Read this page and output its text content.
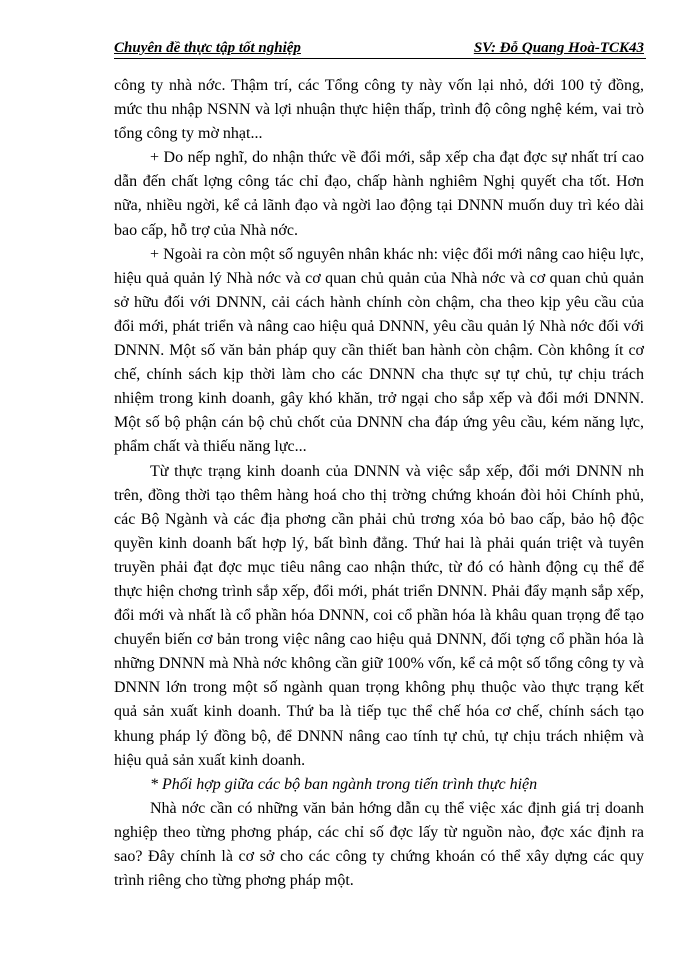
Chuyên đề thực tập tốt nghiệp	SV: Đỗ Quang Hoà-TCK43

công ty nhà nớc. Thậm trí, các Tổng công ty này vốn lại nhỏ, dới 100 tỷ đồng, mức thu nhập NSNN và lợi nhuận thực hiện thấp, trình độ công nghệ kém, vai trò tổng công ty mờ nhạt...

+ Do nếp nghĩ, do nhận thức về đổi mới, sắp xếp cha đạt đợc sự nhất trí cao dẫn đến chất lợng công tác chỉ đạo, chấp hành nghiêm Nghị quyết cha tốt. Hơn nữa, nhiều ngời, kể cả lãnh đạo và ngời lao động tại DNNN muốn duy trì kéo dài bao cấp, hỗ trợ của Nhà nớc.

+ Ngoài ra còn một số nguyên nhân khác nh: việc đổi mới nâng cao hiệu lực, hiệu quả quản lý Nhà nớc và cơ quan chủ quản của Nhà nớc và cơ quan chủ quản sở hữu đối với DNNN, cải cách hành chính còn chậm, cha theo kịp yêu cầu của đổi mới, phát triển và nâng cao hiệu quả DNNN, yêu cầu quản lý Nhà nớc đối với DNNN. Một số văn bản pháp quy cần thiết ban hành còn chậm. Còn không ít cơ chế, chính sách kịp thời làm cho các DNNN cha thực sự tự chủ, tự chịu trách nhiệm trong kinh doanh, gây khó khăn, trở ngại cho sắp xếp và đổi mới DNNN. Một số bộ phận cán bộ chủ chốt của DNNN cha đáp ứng yêu cầu, kém năng lực, phẩm chất và thiếu năng lực...

Từ thực trạng kinh doanh của DNNN và việc sắp xếp, đổi mới DNNN nh trên, đồng thời tạo thêm hàng hoá cho thị trờng chứng khoán đòi hỏi Chính phủ, các Bộ Ngành và các địa phơng cần phải chủ trơng xóa bỏ bao cấp, bảo hộ độc quyền kinh doanh bất hợp lý, bất bình đẳng. Thứ hai là phải quán triệt và tuyên truyền phải đạt đợc mục tiêu nâng cao nhận thức, từ đó có hành động cụ thể để thực hiện chơng trình sắp xếp, đổi mới, phát triển DNNN. Phải đẩy mạnh sắp xếp, đổi mới và nhất là cổ phần hóa DNNN, coi cổ phần hóa là khâu quan trọng để tạo chuyển biến cơ bản trong việc nâng cao hiệu quả DNNN, đối tợng cổ phần hóa là những DNNN mà Nhà nớc không cần giữ 100% vốn, kể cả một số tổng công ty và DNNN lớn trong một số ngành quan trọng không phụ thuộc vào thực trạng kết quả sản xuất kinh doanh. Thứ ba là tiếp tục thể chế hóa cơ chế, chính sách tạo khung pháp lý đồng bộ, để DNNN nâng cao tính tự chủ, tự chịu trách nhiệm và hiệu quả sản xuất kinh doanh.

* Phối hợp giữa các bộ ban ngành trong tiến trình thực hiện

Nhà nớc cần có những văn bản hớng dẫn cụ thể việc xác định giá trị doanh nghiệp theo từng phơng pháp, các chỉ số đợc lấy từ nguồn nào, đợc xác định ra sao? Đây chính là cơ sở cho các công ty chứng khoán có thể xây dựng các quy trình riêng cho từng phơng pháp một.
